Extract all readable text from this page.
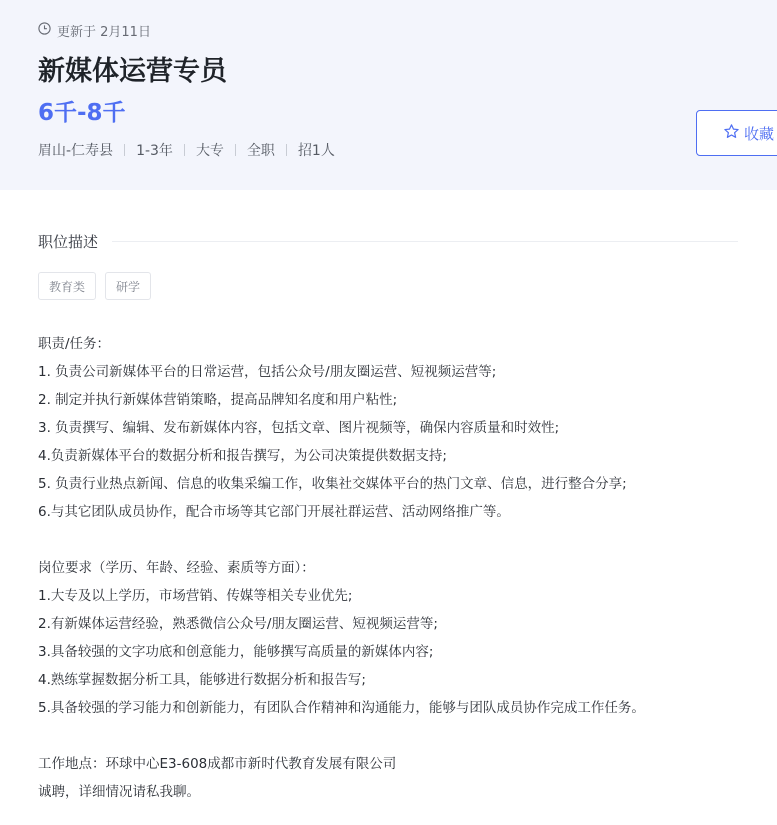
更新于 2月11日
新媒体运营专员
6千-8千
眉山-仁寿县 1-3年 大专 全职 招1人
收藏
职位描述
教育类	研学
职责/任务：
1. 负责公司新媒体平台的日常运营，包括公众号/朋友圈运营、短视频运营等;
2. 制定并执行新媒体营销策略，提高品牌知名度和用户粘性;
3. 负责撰写、编辑、发布新媒体内容，包括文章、图片视频等，确保内容质量和时效性;
4.负责新媒体平台的数据分析和报告撰写，为公司决策提供数据支持;
5. 负责行业热点新闻、信息的收集采编工作，收集社交媒体平台的热门文章、信息，进行整合分享;
6.与其它团队成员协作，配合市场等其它部门开展社群运营、活动网络推广等。
岗位要求（学历、年龄、经验、素质等方面）：
1.大专及以上学历，市场营销、传媒等相关专业优先;
2.有新媒体运营经验，熟悉微信公众号/朋友圈运营、短视频运营等;
3.具备较强的文字功底和创意能力，能够撰写高质量的新媒体内容;
4.熟练掌握数据分析工具，能够进行数据分析和报告写;
5.具备较强的学习能力和创新能力，有团队合作精神和沟通能力，能够与团队成员协作完成工作任务。
工作地点：环球中心E3-608成都市新时代教育发展有限公司
诚聘，详细情况请私我聊。
